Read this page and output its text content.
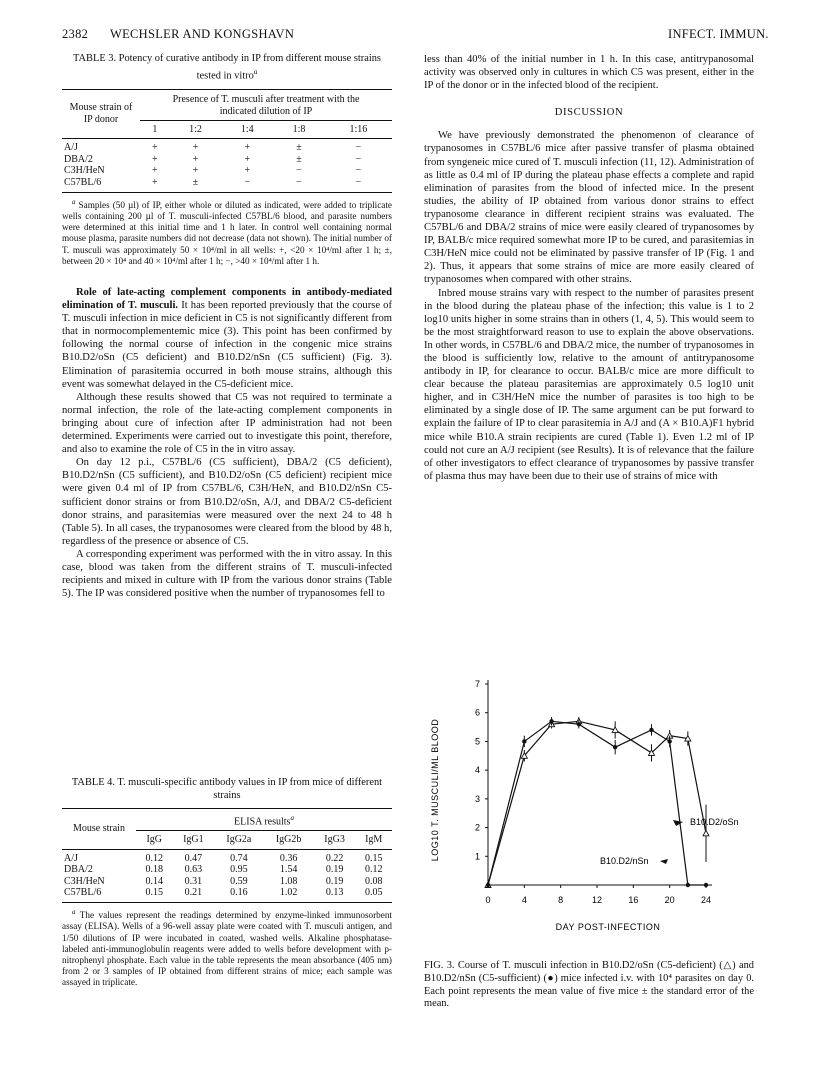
2382 WECHSLER AND KONGSHAVN	INFECT. IMMUN.
TABLE 3. Potency of curative antibody in IP from different mouse strains tested in vitro$^a$
Mouse strain of IP donor	Presence of T. musculi after treatment with the indicated dilution of IP				
	1	1:2	1:4	1:8	1:16
A/J	+	+	+	±	−
DBA/2	+	+	+	±	−
C3H/HeN	+	+	+	−	−
C57BL/6	+	±	−	−	−

$^a$ Samples (50 µl) of IP, either whole or diluted as indicated, were added to triplicate wells containing 200 µl of T. musculi-infected C57BL/6 blood, and parasite numbers were determined at this initial time and 1 h later. In control well containing normal mouse plasma, parasite numbers did not decrease (data not shown). The initial number of T. musculi was approximately 50 × 10⁴/ml in all wells: +, <20 × 10⁴/ml after 1 h; ±, between 20 × 10⁴ and 40 × 10⁴/ml after 1 h; −, >40 × 10⁴/ml after 1 h.

Role of late-acting complement components in antibody-mediated elimination of T. musculi. It has been reported previously that the course of T. musculi infection in mice deficient in C5 is not significantly different from that in normocomplementemic mice (3). This point has been confirmed by following the normal course of infection in the congenic mice strains B10.D2/oSn (C5 deficient) and B10.D2/nSn (C5 sufficient) (Fig. 3). Elimination of parasitemia occurred in both mouse strains, although this event was somewhat delayed in the C5-deficient mice.

Although these results showed that C5 was not required to terminate a normal infection, the role of the late-acting complement components in bringing about cure of infection after IP administration had not been determined. Experiments were carried out to investigate this point, therefore, and also to examine the role of C5 in the in vitro assay.

On day 12 p.i., C57BL/6 (C5 sufficient), DBA/2 (C5 deficient), B10.D2/nSn (C5 sufficient), and B10.D2/oSn (C5 deficient) recipient mice were given 0.4 ml of IP from C57BL/6, C3H/HeN, and B10.D2/nSn C5-sufficient donor strains or from B10.D2/oSn, A/J, and DBA/2 C5-deficient donor strains, and parasitemias were measured over the next 24 to 48 h (Table 5). In all cases, the trypanosomes were cleared from the blood by 48 h, regardless of the presence or absence of C5.

A corresponding experiment was performed with the in vitro assay. In this case, blood was taken from the different strains of T. musculi-infected recipients and mixed in culture with IP from the various donor strains (Table 5). The IP was considered positive when the number of trypanosomes fell to

TABLE 4. T. musculi-specific antibody values in IP from mice of different strains
Mouse strain	ELISA results$^a$
	IgG	IgG1	IgG2a	IgG2b	IgG3	IgM
A/J	0.12	0.47	0.74	0.36	0.22	0.15
DBA/2	0.18	0.63	0.95	1.54	0.19	0.12
C3H/HeN	0.14	0.31	0.59	1.08	0.19	0.08
C57BL/6	0.15	0.21	0.16	1.02	0.13	0.05

$^a$ The values represent the readings determined by enzyme-linked immunosorbent assay (ELISA). Wells of a 96-well assay plate were coated with T. musculi antigen, and 1/50 dilutions of IP were incubated in coated, washed wells. Alkaline phosphatase-labeled anti-immunoglobulin reagents were added to wells before development with p-nitrophenyl phosphate. Each value in the table represents the mean absorbance (405 nm) from 2 or 3 samples of IP obtained from different strains of mice; each sample was assayed in triplicate.

less than 40% of the initial number in 1 h. In this case, antitrypanosomal activity was observed only in cultures in which C5 was present, either in the IP of the donor or in the infected blood of the recipient.

DISCUSSION

We have previously demonstrated the phenomenon of clearance of trypanosomes in C57BL/6 mice after passive transfer of plasma obtained from syngeneic mice cured of T. musculi infection (11, 12). Administration of as little as 0.4 ml of IP during the plateau phase effects a complete and rapid elimination of parasites from the blood of infected mice. In the present studies, the ability of IP obtained from various donor strains to effect trypanosome clearance in different recipient strains was evaluated. The C57BL/6 and DBA/2 strains of mice were easily cleared of trypanosomes by IP, BALB/c mice required somewhat more IP to be cured, and parasitemias in C3H/HeN mice could not be eliminated by passive transfer of IP (Fig. 1 and 2). Thus, it appears that some strains of mice are more easily cleared of trypanosomes when compared with other strains.

Inbred mouse strains vary with respect to the number of parasites present in the blood during the plateau phase of the infection; this value is 1 to 2 log10 units higher in some strains than in others (1, 4, 5). This would seem to be the most straightforward reason to use to explain the above observations. In other words, in C57BL/6 and DBA/2 mice, the number of trypanosomes in the blood is sufficiently low, relative to the amount of antitrypanosome antibody in IP, for clearance to occur. BALB/c mice are more difficult to clear because the plateau parasitemias are approximately 0.5 log10 unit higher, and in C3H/HeN mice the number of parasites is too high to be eliminated by a single dose of IP. The same argument can be put forward to explain the failure of IP to clear parasitemia in A/J and (A × B10.A)F1 hybrid mice while B10.A strain recipients are cured (Table 1). Even 1.2 ml of IP could not cure an A/J recipient (see Results). It is of relevance that the failure of other investigators to effect clearance of trypanosomes by passive transfer of plasma thus may have been due to their use of strains of mice with

0	4	8	12	16	20	24
1
2
3
4
5
6
7
LOG10 T. MUSCULI/ML BLOOD
DAY POST-INFECTION
B10.D2/oSn
B10.D2/nSn
FIG. 3. Course of T. musculi infection in B10.D2/oSn (C5-deficient) (△) and B10.D2/nSn (C5-sufficient) (●) mice infected i.v. with 10⁴ parasites on day 0. Each point represents the mean value of five mice ± the standard error of the mean.
